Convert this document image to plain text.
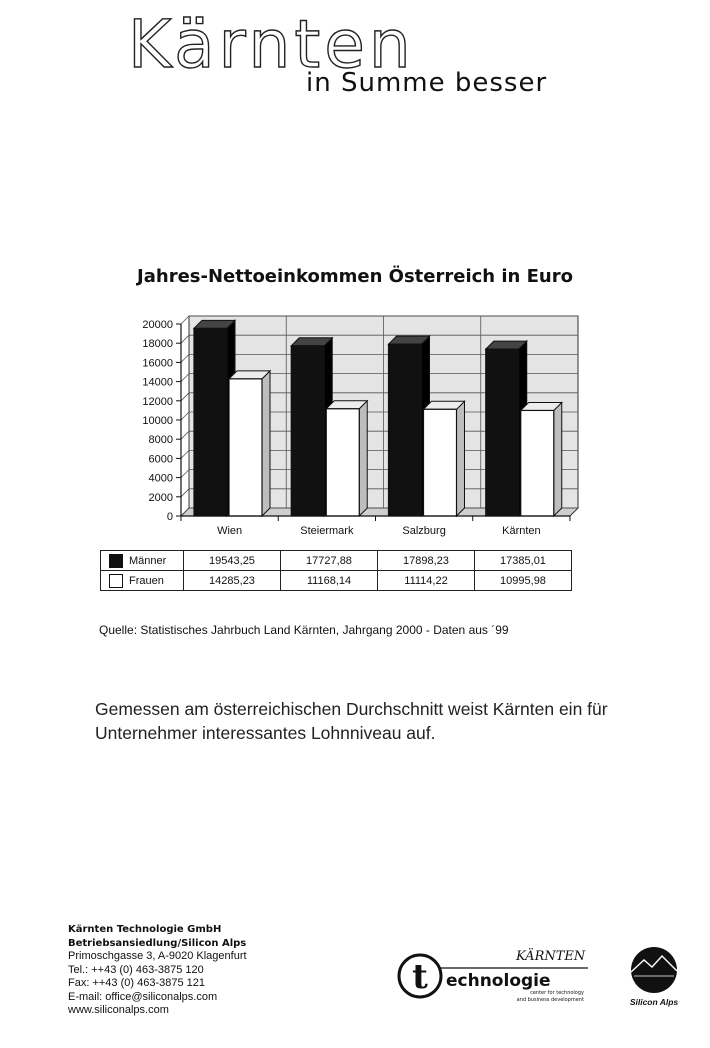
Kärnten
in Summe besser
Jahres-Nettoeinkommen Österreich in Euro
0
2000
4000
6000
8000
10000
12000
14000
16000
18000
20000
Wien	Steiermark	Salzburg	Kärnten
Männer	19543,25	17727,88	17898,23	17385,01
Frauen	14285,23	11168,14	11114,22	10995,98
Quelle: Statistisches Jahrbuch Land Kärnten, Jahrgang 2000 - Daten aus ´99
Gemessen am österreichischen Durchschnitt weist Kärnten ein für Unternehmer interessantes Lohnniveau auf.
Kärnten Technologie GmbH
Betriebsansiedlung/Silicon Alps
Primoschgasse 3, A-9020 Klagenfurt
Tel.: ++43 (0) 463-3875 120
Fax: ++43 (0) 463-3875 121
E-mail: office@siliconalps.com
www.siliconalps.com
t
KÄRNTEN
echnologie
center for technology
and business development	Silicon Alps
